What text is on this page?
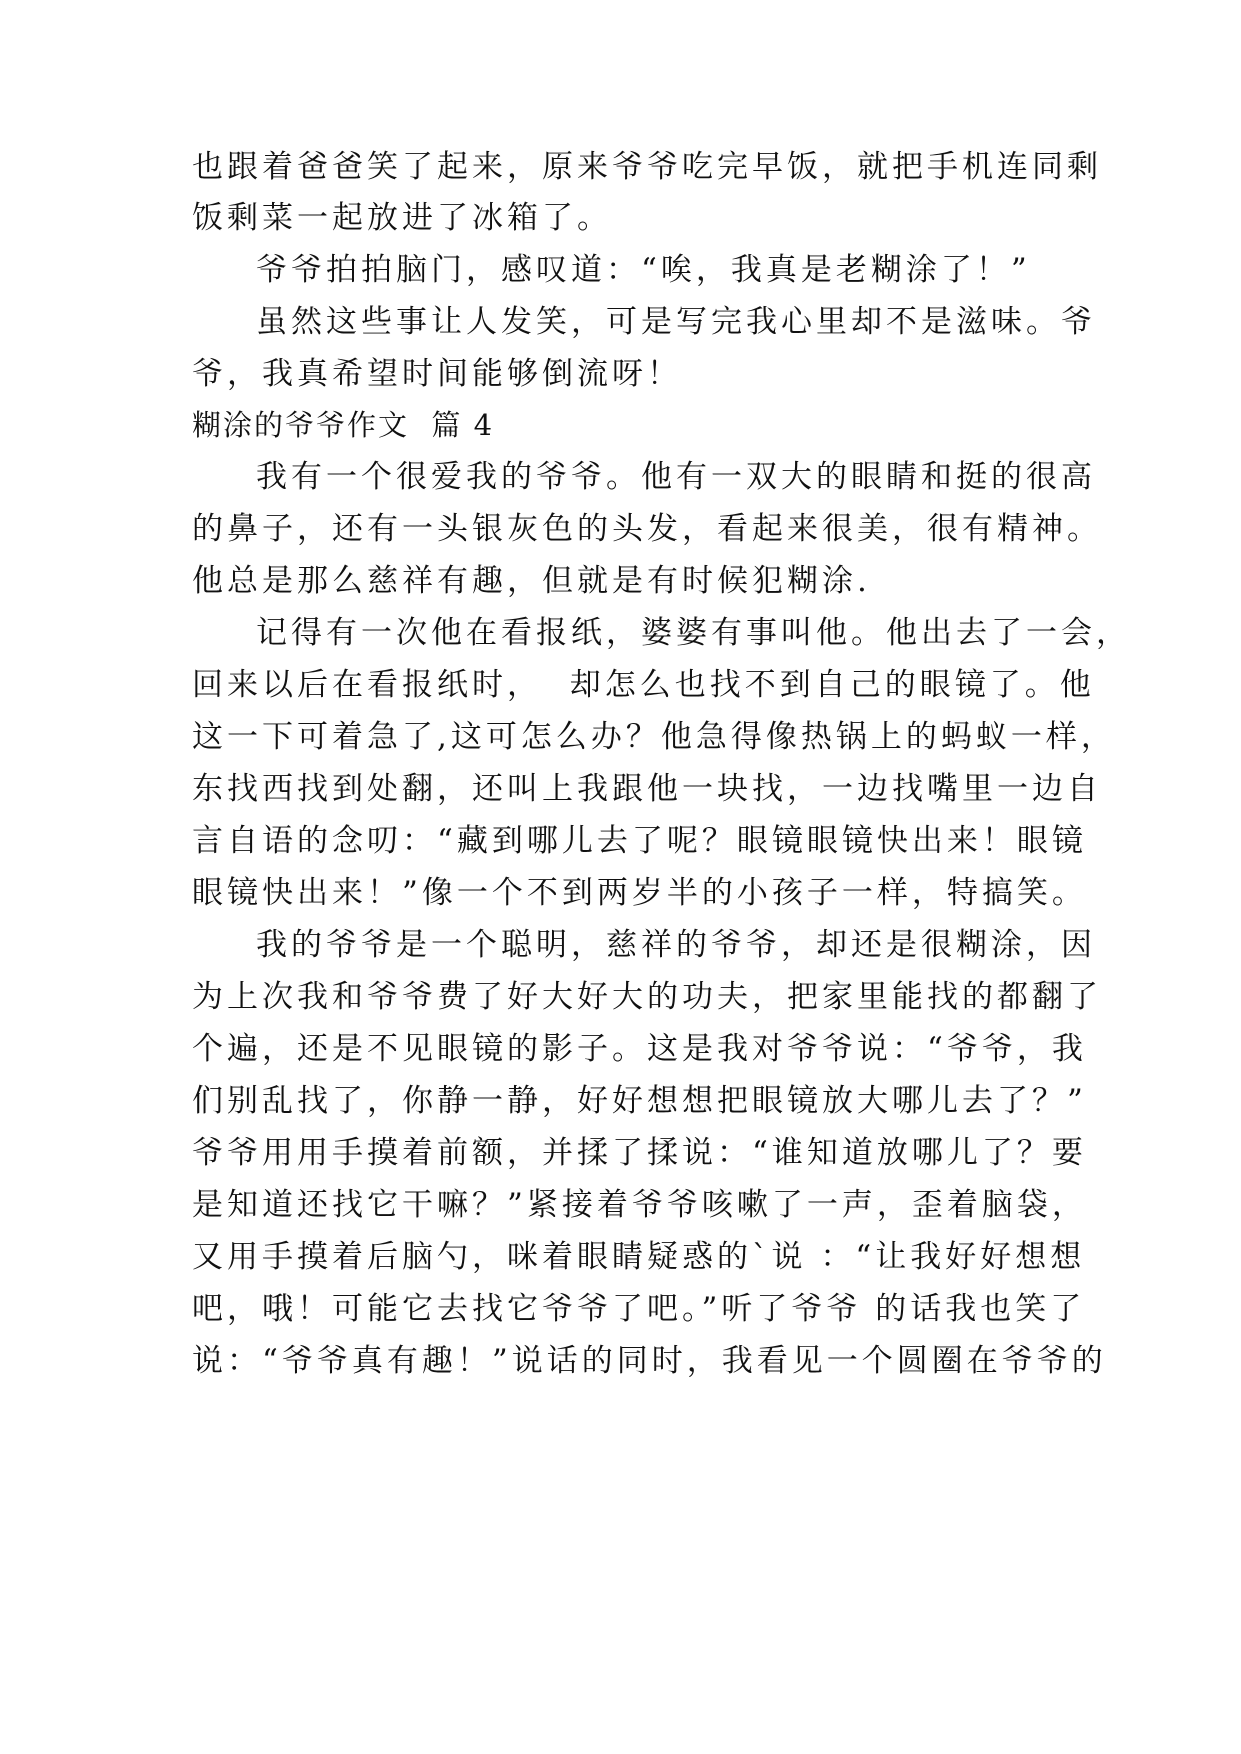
也跟着爸爸笑了起来，原来爷爷吃完早饭，就把手机连同剩

饭剩菜一起放进了冰箱了。

爷爷拍拍脑门，感叹道：“唉，我真是老糊涂了！”

虽然这些事让人发笑，可是写完我心里却不是滋味。爷

爷，我真希望时间能够倒流呀！

糊涂的爷爷作文  篇 4

我有一个很爱我的爷爷。他有一双大的眼睛和挺的很高

的鼻子，还有一头银灰色的头发，看起来很美，很有精神。

他总是那么慈祥有趣，但就是有时候犯糊涂.

记得有一次他在看报纸，婆婆有事叫他。他出去了一会，

回来以后在看报纸时，  却怎么也找不到自己的眼镜了。他

这一下可着急了,这可怎么办？他急得像热锅上的蚂蚁一样，

东找西找到处翻，还叫上我跟他一块找，一边找嘴里一边自

言自语的念叨：“藏到哪儿去了呢？眼镜眼镜快出来！眼镜

眼镜快出来！”像一个不到两岁半的小孩子一样，特搞笑。

我的爷爷是一个聪明，慈祥的爷爷，却还是很糊涂，因

为上次我和爷爷费了好大好大的功夫，把家里能找的都翻了

个遍，还是不见眼镜的影子。这是我对爷爷说：“爷爷，我

们别乱找了，你静一静，好好想想把眼镜放大哪儿去了？”

爷爷用用手摸着前额，并揉了揉说：“谁知道放哪儿了？要

是知道还找它干嘛？”紧接着爷爷咳嗽了一声，歪着脑袋，

又用手摸着后脑勺，咪着眼睛疑惑的`说 ：“让我好好想想

吧，哦！可能它去找它爷爷了吧。”听了爷爷 的话我也笑了

说：“爷爷真有趣！”说话的同时，我看见一个圆圈在爷爷的
